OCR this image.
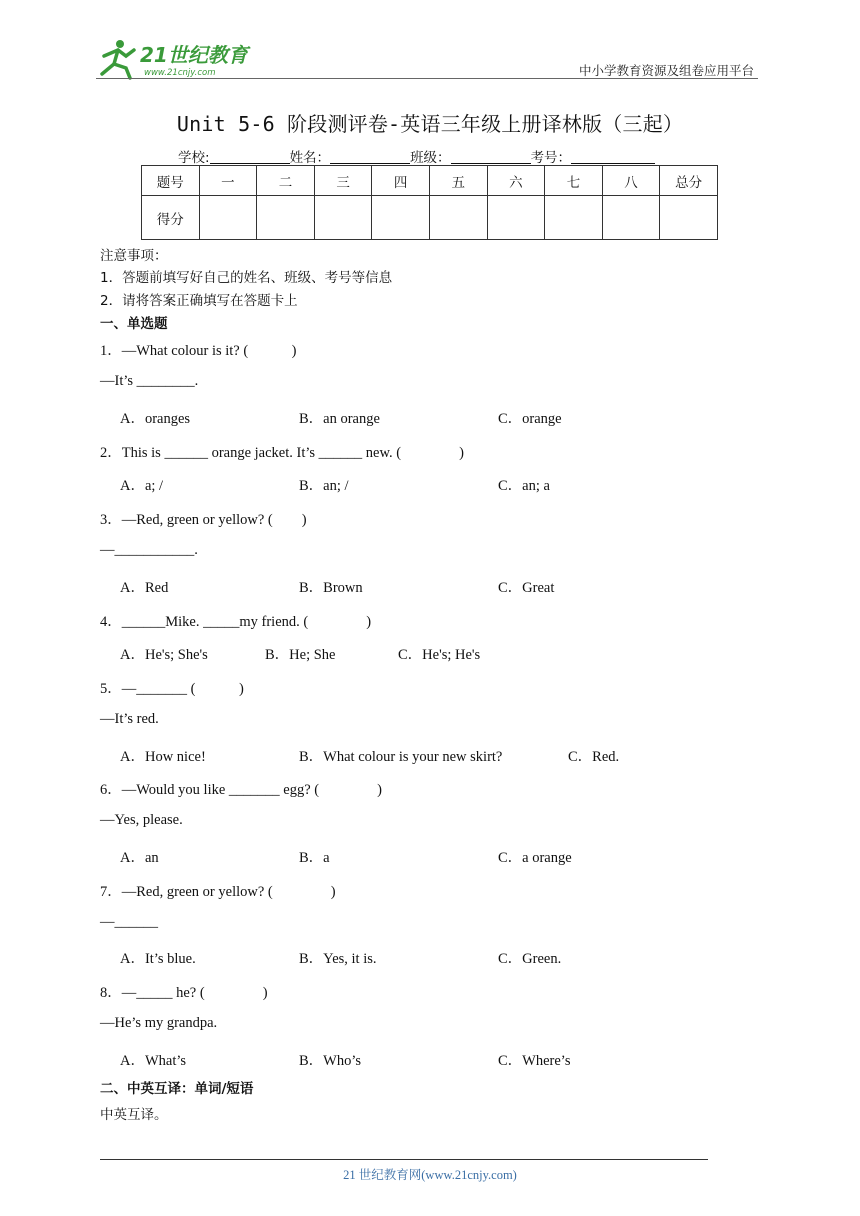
21世纪教育
www.21cnjy.com	中小学教育资源及组卷应用平台
Unit 5-6 阶段测评卷-英语三年级上册译林版（三起）
学校:	姓名：	班级：	考号：
题号	一	二	三	四	五	六	七	八	总分
得分									
注意事项：
1．答题前填写好自己的姓名、班级、考号等信息
2．请将答案正确填写在答题卡上
一、单选题
1．—What colour is it? (　　　)
—It’s ________.
A．oranges	B．an orange	C．orange
2．This is ______ orange jacket. It’s ______ new. (　　　　)
A．a; /	B．an; /	C．an; a
3．—Red, green or yellow? (　　)
—___________.
A．Red	B．Brown	C．Great
4．______Mike. _____my friend. (　　　　)
A．He's; She's	B．He; She	C．He's; He's
5．—_______ (　　　)
—It’s red.
A．How nice!	B．What colour is your new skirt?	C．Red.
6．—Would you like _______ egg? (　　　　)
—Yes, please.
A．an	B．a	C．a orange
7．—Red, green or yellow? (　　　　)
—______
A．It’s blue.	B．Yes, it is.	C．Green.
8．—_____ he? (　　　　)
—He’s my grandpa.
A．What’s	B．Who’s	C．Where’s
二、中英互译：单词/短语
中英互译。
21 世纪教育网(www.21cnjy.com)
